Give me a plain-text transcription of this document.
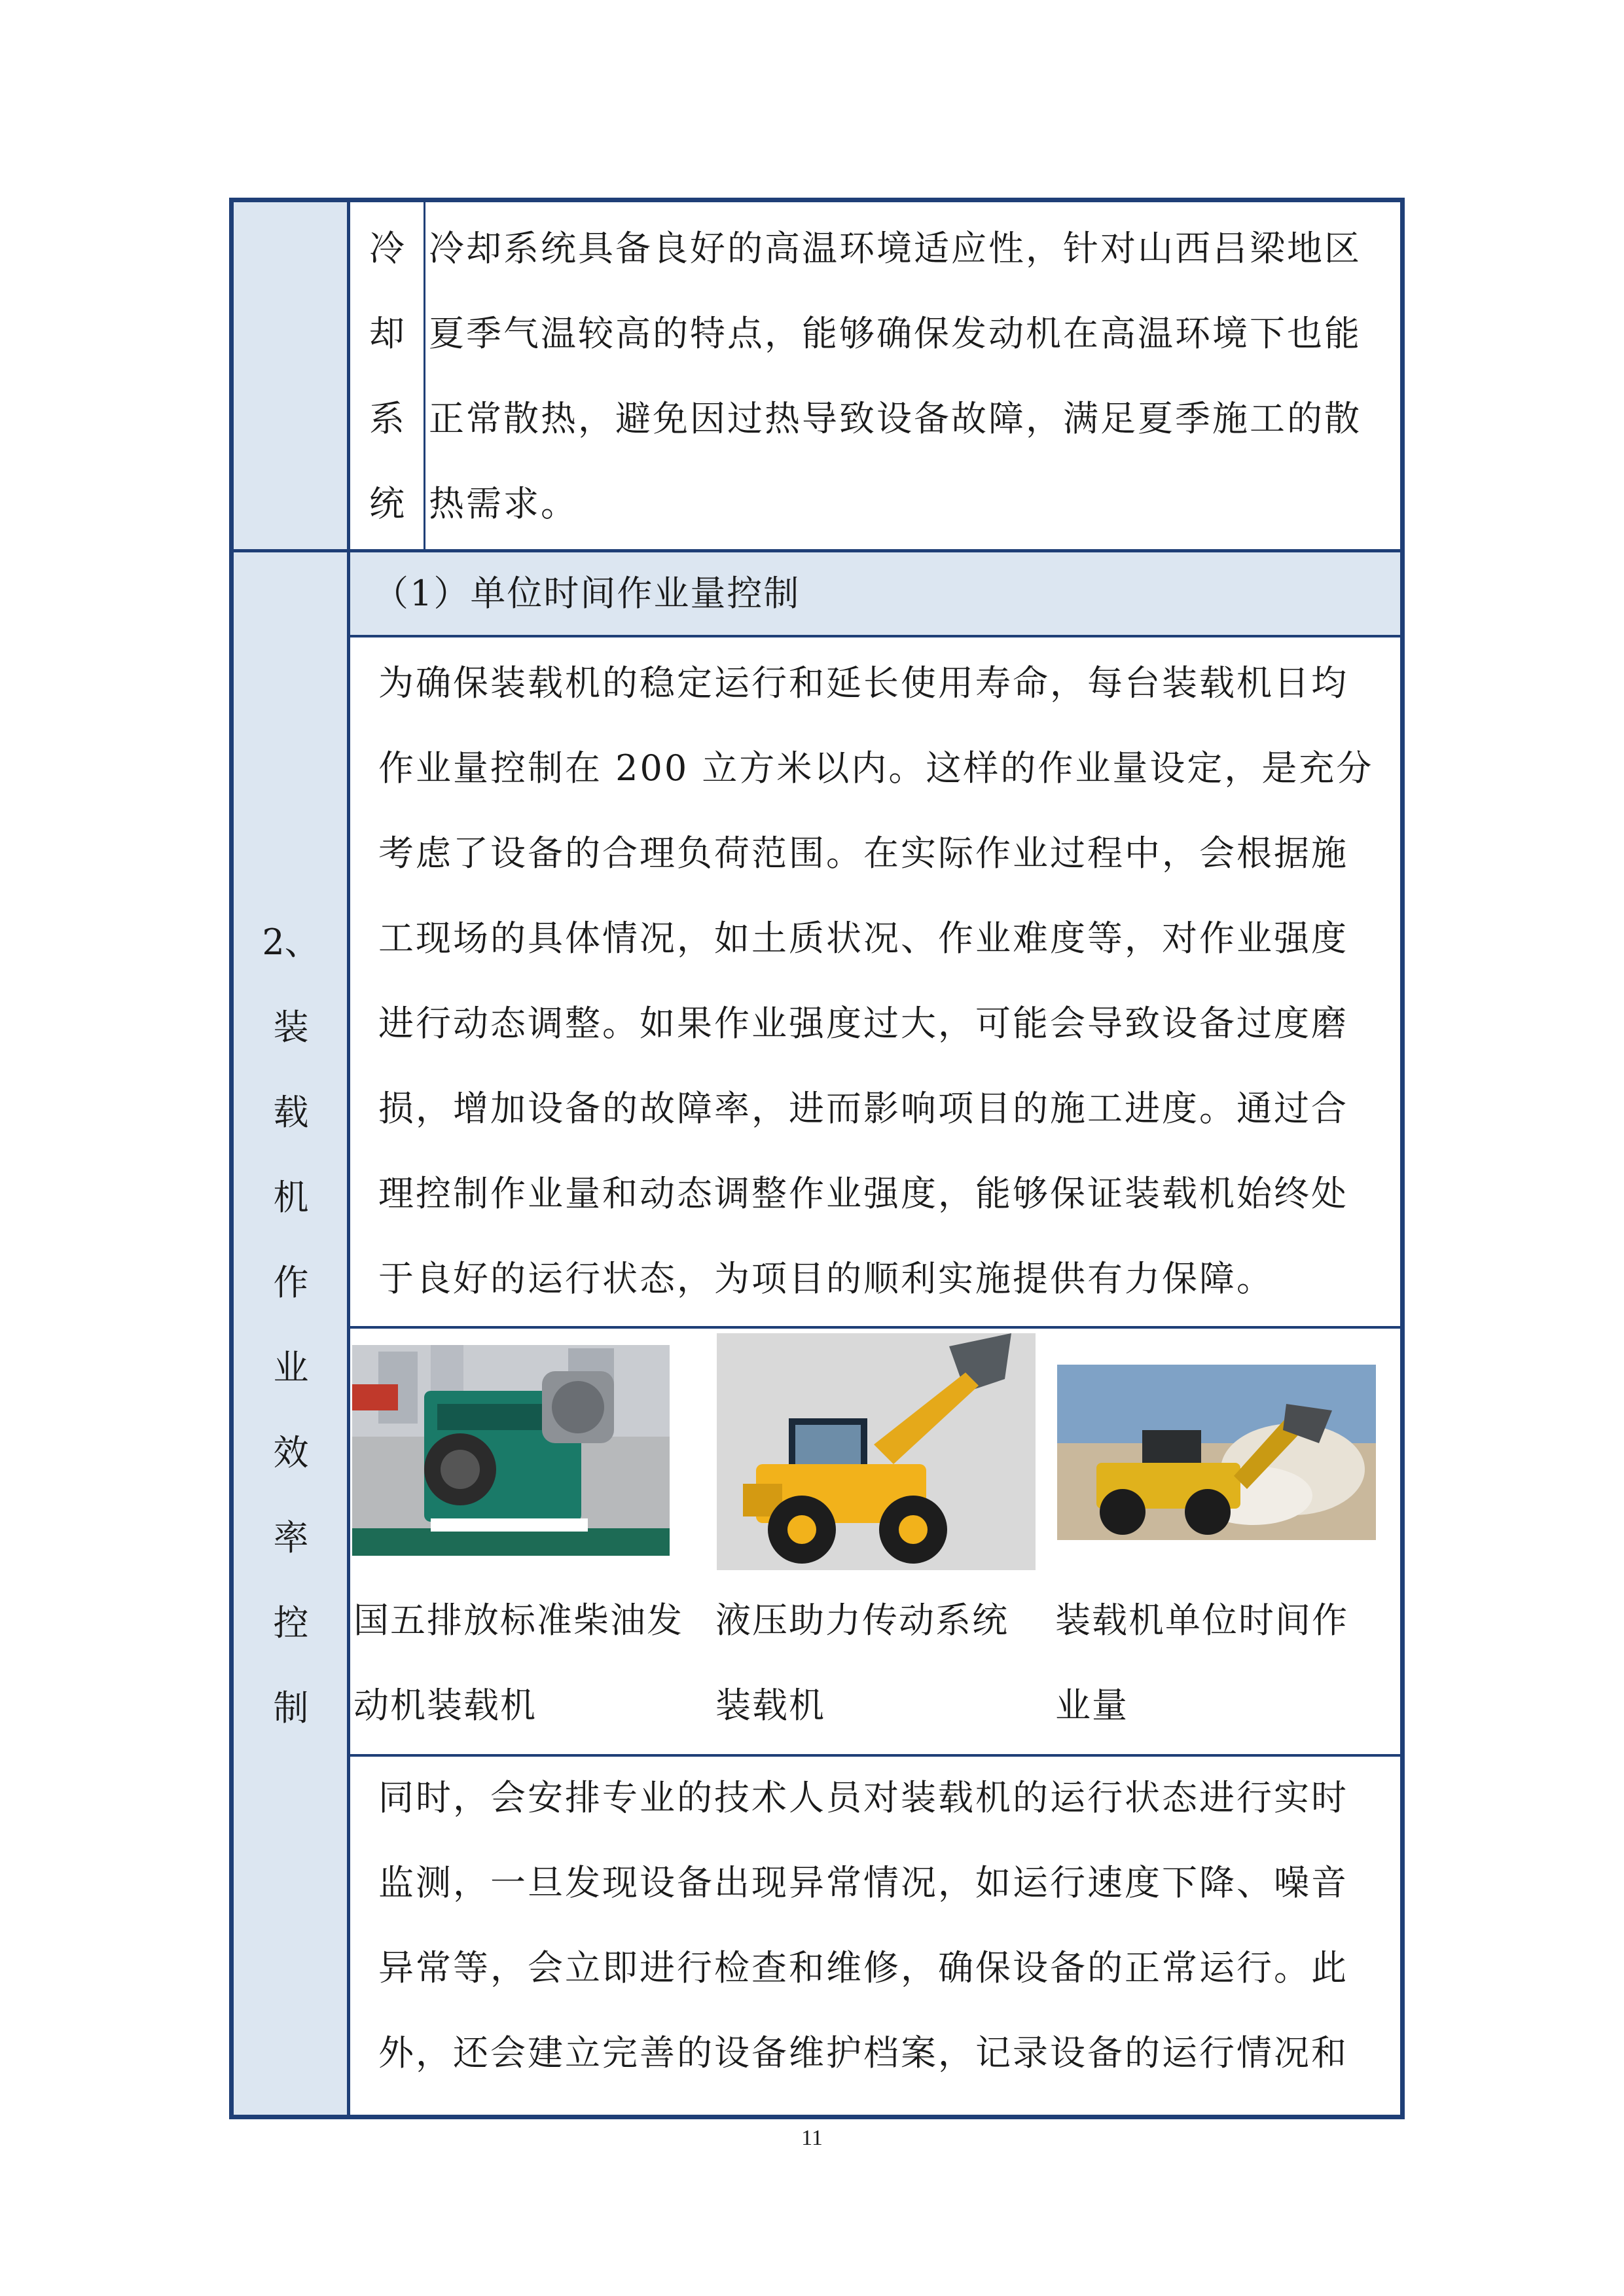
冷
却
系
统
冷却系统具备良好的高温环境适应性，针对山西吕梁地区
夏季气温较高的特点，能够确保发动机在高温环境下也能
正常散热，避免因过热导致设备故障，满足夏季施工的散
热需求。
2、
装
载
机
作
业
效
率
控
制
（1）单位时间作业量控制
为确保装载机的稳定运行和延长使用寿命，每台装载机日均
作业量控制在 200 立方米以内。这样的作业量设定，是充分
考虑了设备的合理负荷范围。在实际作业过程中，会根据施
工现场的具体情况，如土质状况、作业难度等，对作业强度
进行动态调整。如果作业强度过大，可能会导致设备过度磨
损，增加设备的故障率，进而影响项目的施工进度。通过合
理控制作业量和动态调整作业强度，能够保证装载机始终处
于良好的运行状态，为项目的顺利实施提供有力保障。
国五排放标准柴油发
动机装载机
液压助力传动系统
装载机
装载机单位时间作
业量
同时，会安排专业的技术人员对装载机的运行状态进行实时
监测，一旦发现设备出现异常情况，如运行速度下降、噪音
异常等，会立即进行检查和维修，确保设备的正常运行。此
外，还会建立完善的设备维护档案，记录设备的运行情况和
11
